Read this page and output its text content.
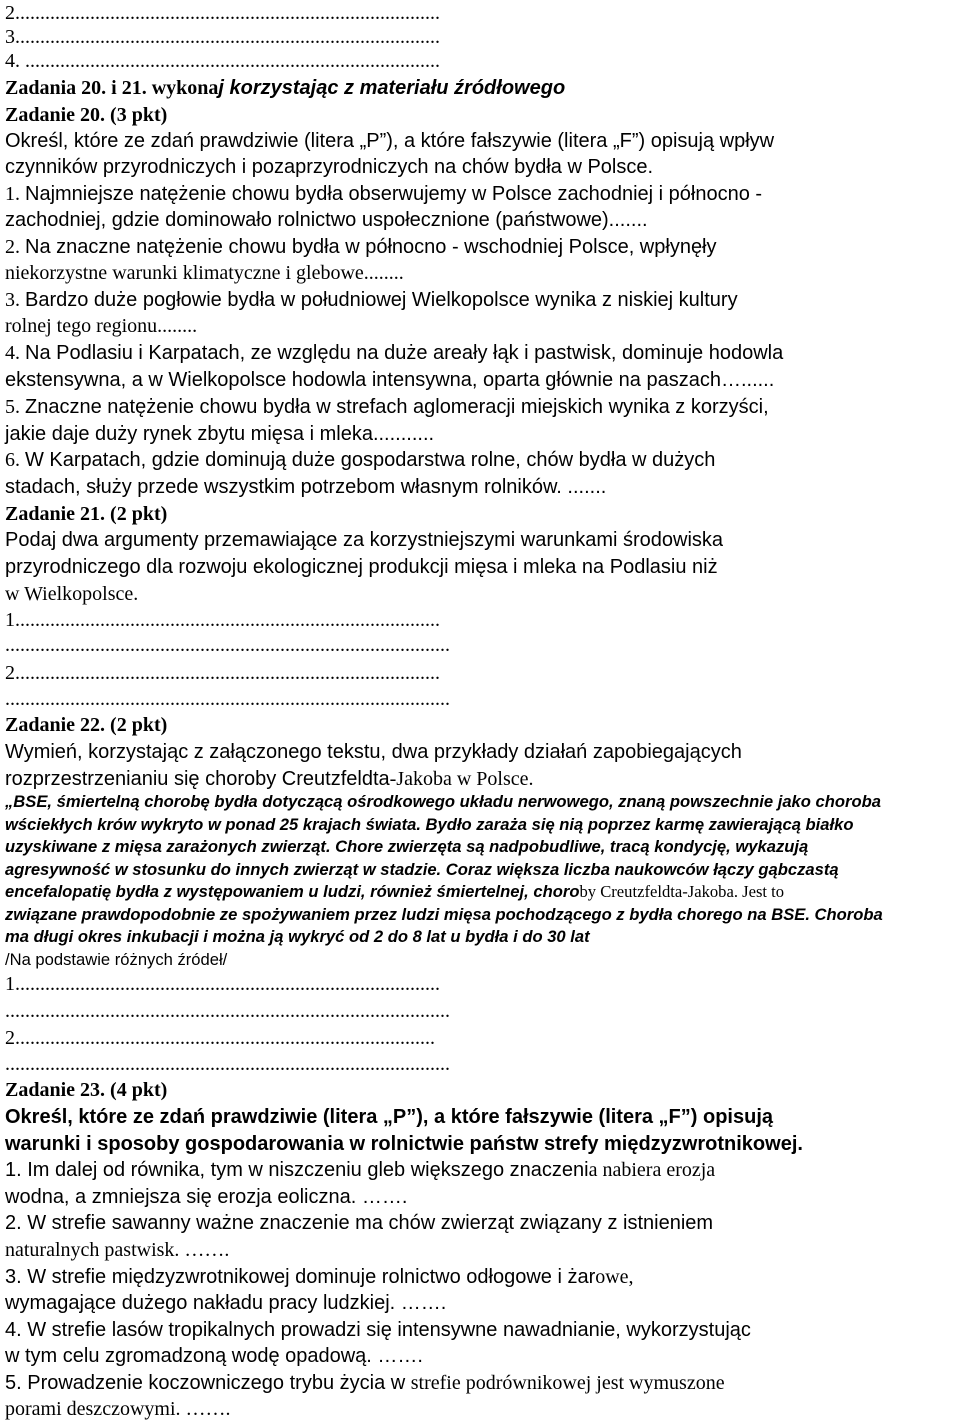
2.....................................................................................
3.....................................................................................
4. ...................................................................................
Zadania 20. i 21. wykonaj korzystając z materiału źródłowego
Zadanie 20. (3 pkt)
Określ, które ze zdań prawdziwie (litera „P”), a które fałszywie (litera „F”) opisują wpływ
czynników przyrodniczych i pozaprzyrodniczych na chów bydła w Polsce.
1. Najmniejsze natężenie chowu bydła obserwujemy w Polsce zachodniej i północno -
zachodniej, gdzie dominowało rolnictwo uspołecznione (państwowe).......
2. Na znaczne natężenie chowu bydła w północno - wschodniej Polsce, wpłynęły
niekorzystne warunki klimatyczne i glebowe........
3. Bardzo duże pogłowie bydła w południowej Wielkopolsce wynika z niskiej kultury
rolnej tego regionu........
4. Na Podlasiu i Karpatach, ze względu na duże areały łąk i pastwisk, dominuje hodowla
ekstensywna, a w Wielkopolsce hodowla intensywna, oparta głównie na paszach…......
5. Znaczne natężenie chowu bydła w strefach aglomeracji miejskich wynika z korzyści,
jakie daje duży rynek zbytu mięsa i mleka...........
6. W Karpatach, gdzie dominują duże gospodarstwa rolne, chów bydła w dużych
stadach, służy przede wszystkim potrzebom własnym rolników. .......
Zadanie 21. (2 pkt)
Podaj dwa argumenty przemawiające za korzystniejszymi warunkami środowiska
przyrodniczego dla rozwoju ekologicznej produkcji mięsa i mleka na Podlasiu niż
w Wielkopolsce.
1.....................................................................................
.........................................................................................
2.....................................................................................
.........................................................................................
Zadanie 22. (2 pkt)
Wymień, korzystając z załączonego tekstu, dwa przykłady działań zapobiegających
rozprzestrzenianiu się choroby Creutzfeldta-Jakoba w Polsce.
„BSE, śmiertelną chorobę bydła dotyczącą ośrodkowego układu nerwowego, znaną powszechnie jako choroba
wściekłych krów wykryto w ponad 25 krajach świata. Bydło zaraża się nią poprzez karmę zawierającą białko
uzyskiwane z mięsa zarażonych zwierząt. Chore zwierzęta są nadpobudliwe, tracą kondycję, wykazują
agresywność w stosunku do innych zwierząt w stadzie. Coraz większa liczba naukowców łączy gąbczastą
encefalopatię bydła z występowaniem u ludzi, również śmiertelnej, choroby Creutzfeldta-Jakoba. Jest to
związane prawdopodobnie ze spożywaniem przez ludzi mięsa pochodzącego z bydła chorego na BSE. Choroba
ma długi okres inkubacji i można ją wykryć od 2 do 8 lat u bydła i do 30 lat
/Na podstawie różnych źródeł/
1.....................................................................................
.........................................................................................
2....................................................................................
.........................................................................................
Zadanie 23. (4 pkt)
Określ, które ze zdań prawdziwie (litera „P”), a które fałszywie (litera „F”) opisują
warunki i sposoby gospodarowania w rolnictwie państw strefy międzyzwrotnikowej.
1. Im dalej od równika, tym w niszczeniu gleb większego znaczenia nabiera erozja
wodna, a zmniejsza się erozja eoliczna. …….
2. W strefie sawanny ważne znaczenie ma chów zwierząt związany z istnieniem
naturalnych pastwisk. …….
3. W strefie międzyzwrotnikowej dominuje rolnictwo odłogowe i żarowe,
wymagające dużego nakładu pracy ludzkiej. …….
4. W strefie lasów tropikalnych prowadzi się intensywne nawadnianie, wykorzystując
w tym celu zgromadzoną wodę opadową. …….
5. Prowadzenie koczowniczego trybu życia w strefie podrównikowej jest wymuszone
porami deszczowymi. …….
